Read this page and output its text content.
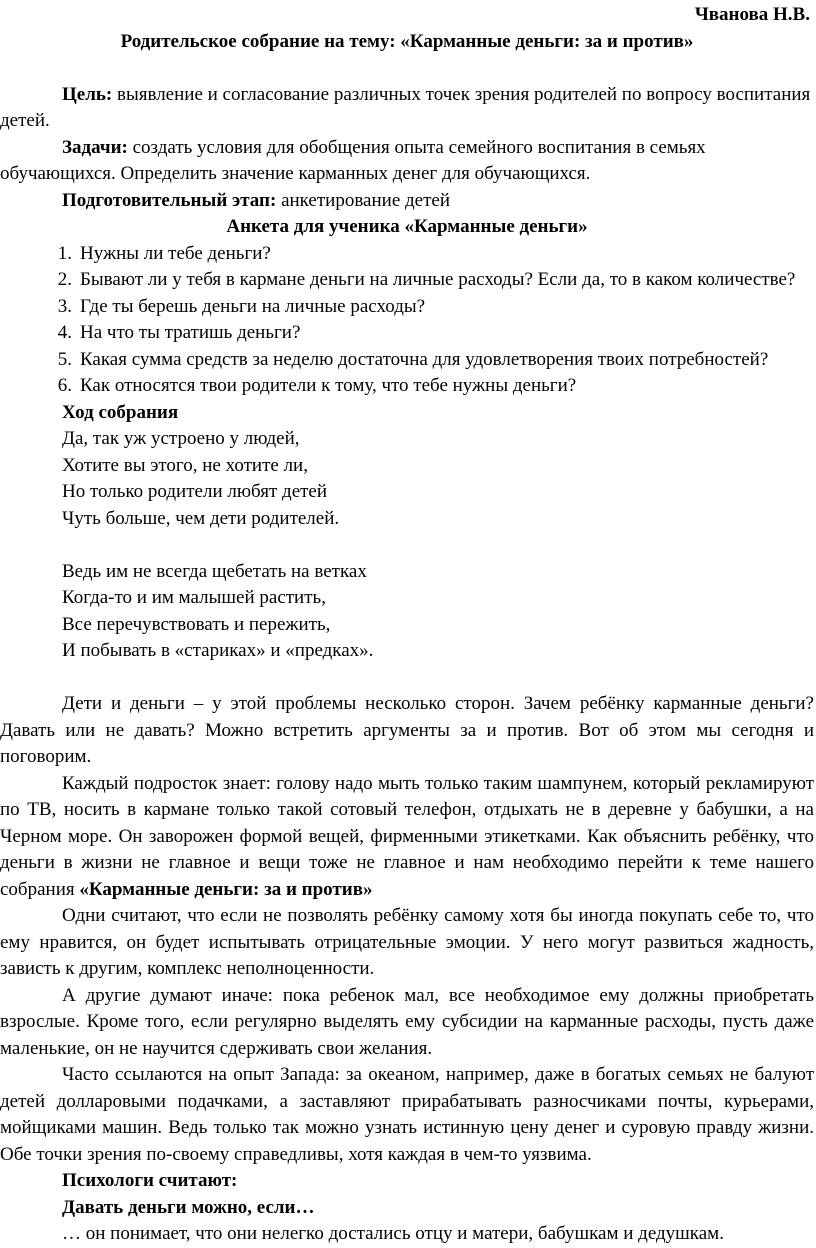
Чванова Н.В.

Родительское собрание на тему: «Карманные деньги: за и против»

Цель: выявление и согласование различных точек зрения родителей по вопросу воспитания детей.

Задачи: создать условия для обобщения опыта семейного воспитания в семьях обучающихся. Определить значение карманных денег для обучающихся.

Подготовительный этап: анкетирование детей

Анкета для ученика «Карманные деньги»

1. Нужны ли тебе деньги?

2. Бывают ли у тебя в кармане деньги на личные расходы? Если да, то в каком количестве?

3. Где ты берешь деньги на личные расходы?

4. На что ты тратишь деньги?

5. Какая сумма средств за неделю достаточна для удовлетворения твоих потребностей?

6. Как относятся твои родители к тому, что тебе нужны деньги?

Ход собрания

Да, так уж устроено у людей,

Хотите вы этого, не хотите ли,

Но только родители любят детей

Чуть больше, чем дети родителей.

Ведь им не всегда щебетать на ветках

Когда-то и им малышей растить,

Все перечувствовать и пережить,

И побывать в «стариках» и «предках».

Дети и деньги – у этой проблемы несколько сторон. Зачем ребёнку карманные деньги? Давать или не давать? Можно встретить аргументы за и против. Вот об этом мы сегодня и поговорим.

Каждый подросток знает: голову надо мыть только таким шампунем, который рекламируют по ТВ, носить в кармане только такой сотовый телефон, отдыхать не в деревне у бабушки, а на Черном море. Он заворожен формой вещей, фирменными этикетками. Как объяснить ребёнку, что деньги в жизни не главное и вещи тоже не главное и нам необходимо перейти к теме нашего собрания «Карманные деньги: за и против»

Одни считают, что если не позволять ребёнку самому хотя бы иногда покупать себе то, что ему нравится, он будет испытывать отрицательные эмоции. У него могут развиться жадность, зависть к другим, комплекс неполноценности.

А другие думают иначе: пока ребенок мал, все необходимое ему должны приобретать взрослые. Кроме того, если регулярно выделять ему субсидии на карманные расходы, пусть даже маленькие, он не научится сдерживать свои желания.

Часто ссылаются на опыт Запада: за океаном, например, даже в богатых семьях не балуют детей долларовыми подачками, а заставляют прирабатывать разносчиками почты, курьерами, мойщиками машин. Ведь только так можно узнать истинную цену денег и суровую правду жизни. Обе точки зрения по-своему справедливы, хотя каждая в чем-то уязвима.

Психологи считают:

Давать деньги можно, если…

… он понимает, что они нелегко достались отцу и матери, бабушкам и дедушкам.
